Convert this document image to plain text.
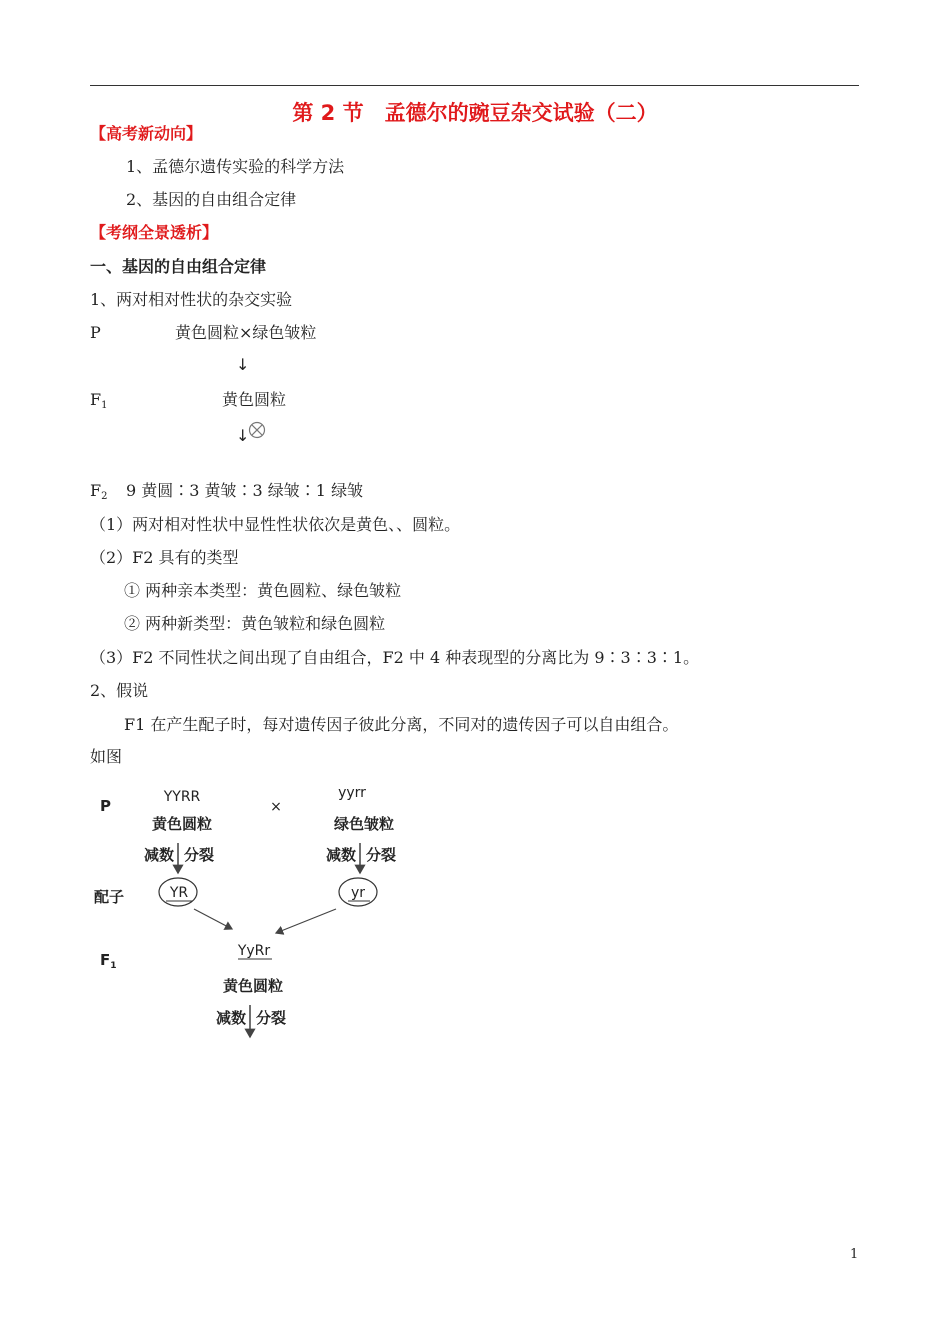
第 2 节　孟德尔的豌豆杂交试验（二）
【高考新动向】
1、孟德尔遗传实验的科学方法
2、基因的自由组合定律
【考纲全景透析】
一、基因的自由组合定律
1、两对相对性状的杂交实验
P	黄色圆粒×绿色皱粒
↓
F1	黄色圆粒
↓
F2 9 黄圆∶3 黄皱∶3 绿皱∶1 绿皱
（1）两对相对性状中显性性状依次是黄色、、圆粒。
（2）F2 具有的类型
① 两种亲本类型：黄色圆粒、绿色皱粒
② 两种新类型：黄色皱粒和绿色圆粒
（3）F2 不同性状之间出现了自由组合，F2 中 4 种表现型的分离比为 9∶3∶3∶1。
2、假说
F1 在产生配子时，每对遗传因子彼此分离，不同对的遗传因子可以自由组合。
如图
P	YYRR
黄色圆粒
×
yyrr
绿色皱粒
减数 分裂	减数 分裂
配子	YR	yr
$F_1$
YyRr
黄色圆粒
减数 分裂
1
